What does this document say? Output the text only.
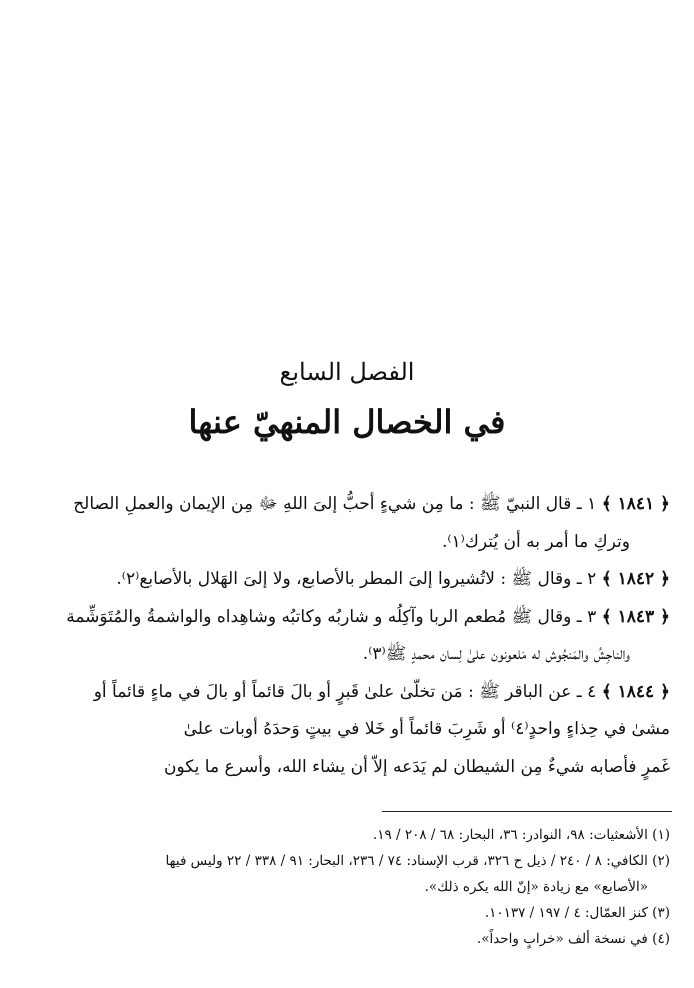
الفصل السابع
في الخصال المنهيّ عنها

﴿ ١٨٤١ ﴾ ١ ـ قال النبيّ ﷺ : ما مِن شيءٍ أحبُّ إلىَ اللهِ ﷻ مِن الإيمان والعملِ الصالح

وتركِ ما أمر به أن يُترك⁽١⁾.

﴿ ١٨٤٢ ﴾ ٢ ـ وقال ﷺ : لاتُشيروا إلىَ المطر بالأصابع، ولا إلىَ الهَلال بالأصابع⁽٢⁾.

﴿ ١٨٤٣ ﴾ ٣ ـ وقال ﷺ مُطعم الربا وآكِلُه و شاربُه وكاتبُه وشاهِداه والواشمةُ والمُتَوَشِّمة

والناجِشُ والمَنجُوش له مَلعونون علىٰ لِسان محمدٍ ﷺ⁽٣⁾.

﴿ ١٨٤٤ ﴾ ٤ ـ عن الباقر ﷺ : مَن تخلّىٰ علىٰ قَبرٍ أو بالَ قائماً أو بالَ في ماءٍ قائماً أو

مشىٰ في حِذاءٍ واحدٍ⁽٤⁾ أو شَرِبَ قائماً أو خَلا في بيتٍ وَحدَهُ أوبات علىٰ

غَمرٍ فأصابه شيءٌ مِن الشيطان لم يَدَعه إلاّ أن يشاء الله، وأسرع ما يكون

(١) الأشعثيات: ٩٨، النوادر: ٣٦، البحار: ٦٨ / ٢٠٨ / ١٩.

(٢) الكافي: ٨ / ٢٤٠ / ذيل ح ٣٢٦، قرب الإسناد: ٧٤ / ٢٣٦، البحار: ٩١ / ٣٣٨ / ٢٢ وليس فيها

«الأصابع» مع زيادة «إنّ الله يكره ذلك».

(٣) كنز العمّال: ٤ / ١٩٧ / ١٠١٣٧.

(٤) في نسخة ألف «خرابٍ واحداً».
